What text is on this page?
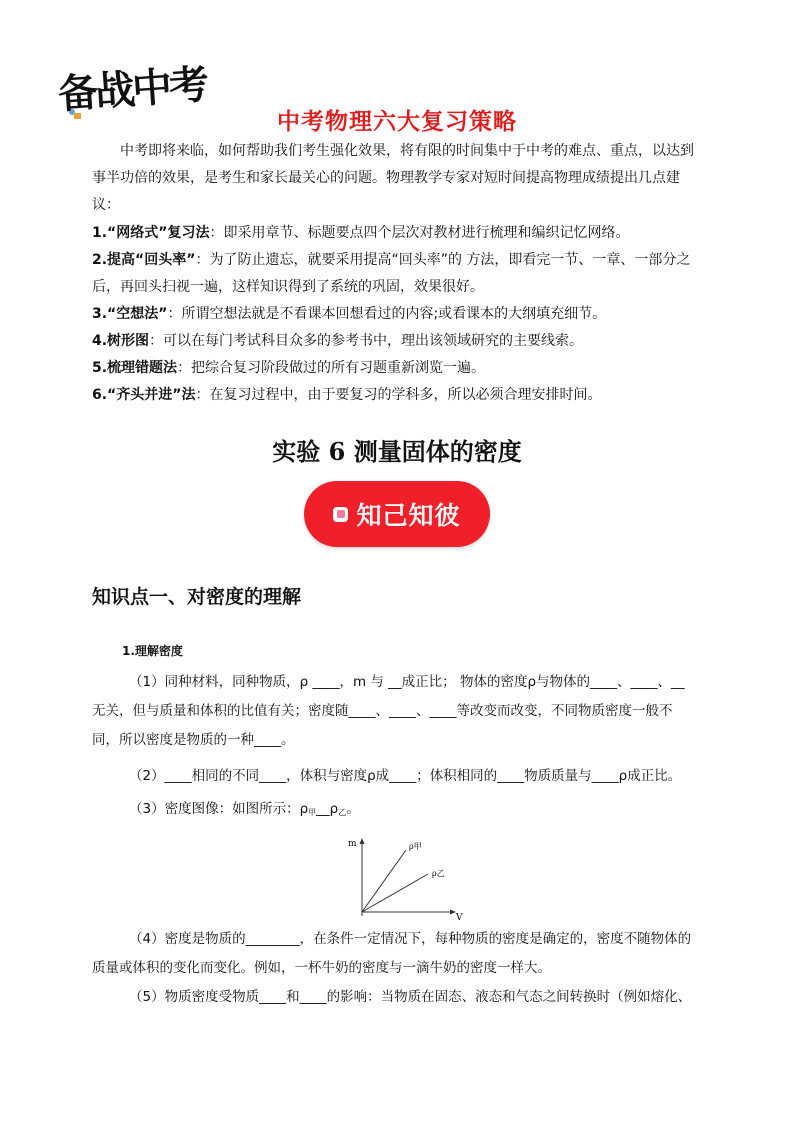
备战中考
中考物理六大复习策略
中考即将来临，如何帮助我们考生强化效果，将有限的时间集中于中考的难点、重点，以达到事半功倍的效果，是考生和家长最关心的问题。物理教学专家对短时间提高物理成绩提出几点建议：
1.“网络式”复习法：即采用章节、标题要点四个层次对教材进行梳理和编织记忆网络。
2.提高“回头率”：为了防止遗忘，就要采用提高“回头率”的 方法，即看完一节、一章、一部分之后，再回头扫视一遍，这样知识得到了系统的巩固，效果很好。
3.“空想法”：所谓空想法就是不看课本回想看过的内容;或看课本的大纲填充细节。
4.树形图：可以在每门考试科目众多的参考书中，理出该领域研究的主要线索。
5.梳理错题法：把综合复习阶段做过的所有习题重新浏览一遍。
6.“齐头并进”法：在复习过程中，由于要复习的学科多，所以必须合理安排时间。
实验 6 测量固体的密度
知己知彼
知识点一、对密度的理解
1.理解密度
（1）同种材料，同种物质，ρ ____，m 与 __成正比； 物体的密度ρ与物体的____、____、__
无关，但与质量和体积的比值有关；密度随____、____、____等改变而改变，不同物质密度一般不
同，所以密度是物质的一种____。
（2）____相同的不同____，体积与密度ρ成____；体积相同的____物质质量与____ρ成正比。
（3）密度图像：如图所示：$\rho_甲\_\_\rho_乙$。
m
V
ρ甲
ρ乙
（4）密度是物质的________，在条件一定情况下，每种物质的密度是确定的，密度不随物体的
质量或体积的变化而变化。例如，一杯牛奶的密度与一滴牛奶的密度一样大。
（5）物质密度受物质____和____的影响：当物质在固态、液态和气态之间转换时（例如熔化、
